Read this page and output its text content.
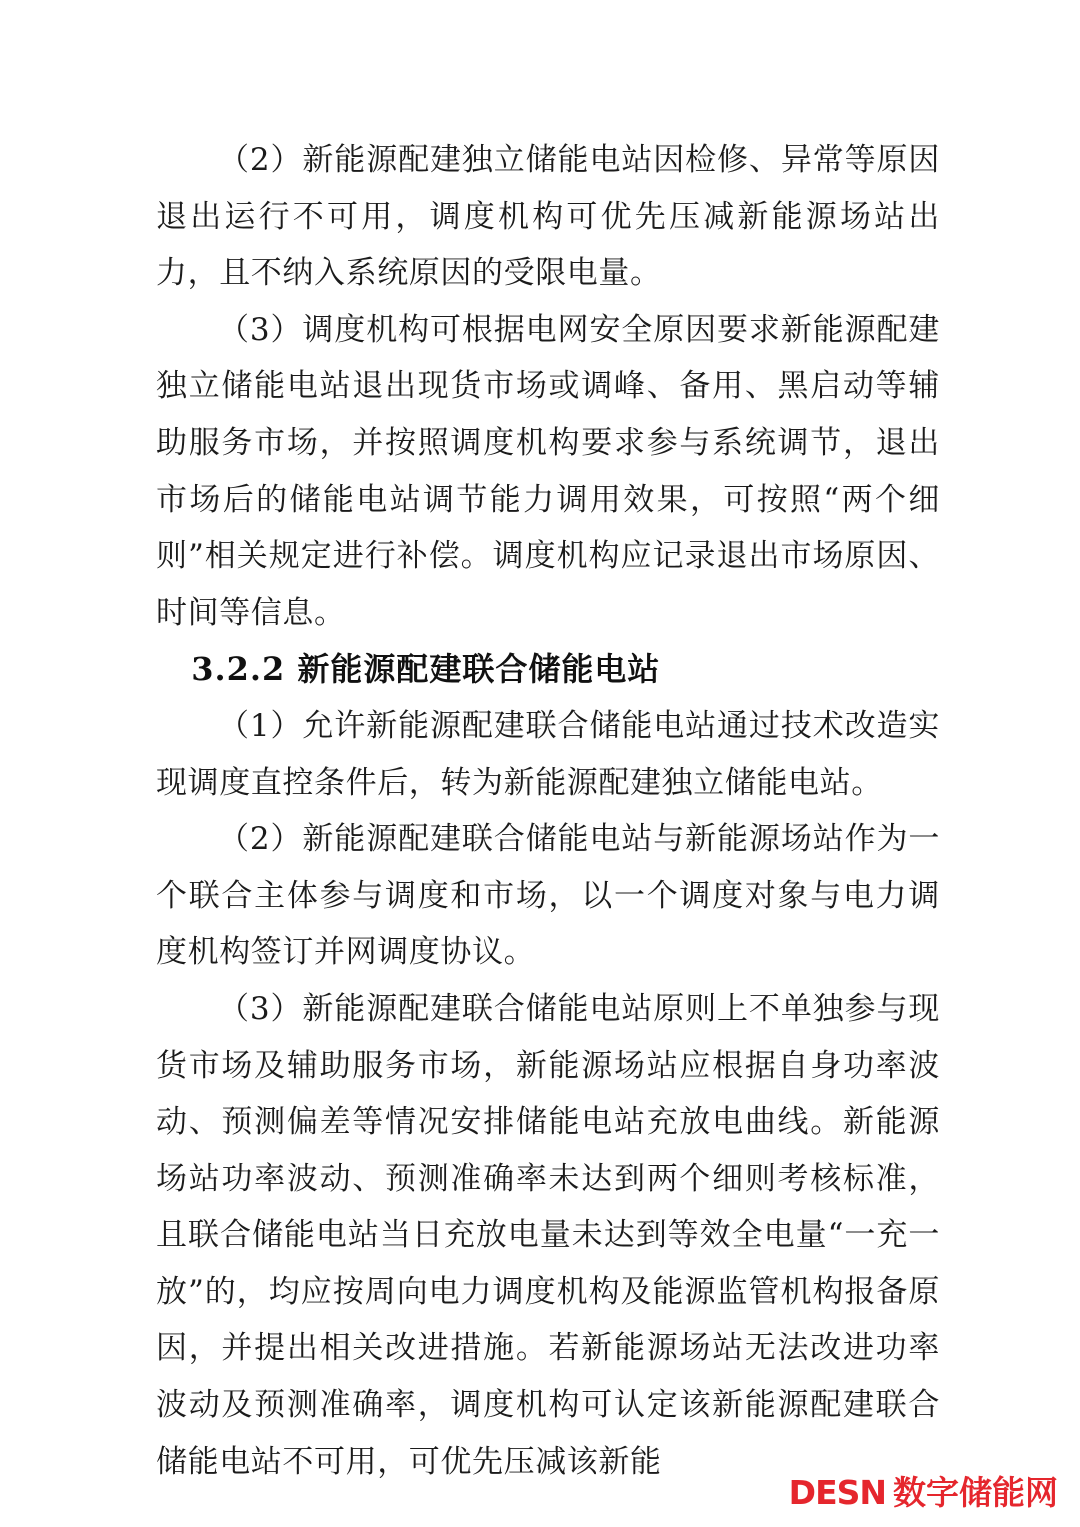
（2）新能源配建独立储能电站因检修、异常等原因退出运行不可用，调度机构可优先压减新能源场站出力，且不纳入系统原因的受限电量。

（3）调度机构可根据电网安全原因要求新能源配建独立储能电站退出现货市场或调峰、备用、黑启动等辅助服务市场，并按照调度机构要求参与系统调节，退出市场后的储能电站调节能力调用效果，可按照“两个细则”相关规定进行补偿。调度机构应记录退出市场原因、时间等信息。

3.2.2 新能源配建联合储能电站

（1）允许新能源配建联合储能电站通过技术改造实现调度直控条件后，转为新能源配建独立储能电站。

（2）新能源配建联合储能电站与新能源场站作为一个联合主体参与调度和市场，以一个调度对象与电力调度机构签订并网调度协议。

（3）新能源配建联合储能电站原则上不单独参与现货市场及辅助服务市场，新能源场站应根据自身功率波动、预测偏差等情况安排储能电站充放电曲线。新能源场站功率波动、预测准确率未达到两个细则考核标准，且联合储能电站当日充放电量未达到等效全电量“一充一放”的，均应按周向电力调度机构及能源监管机构报备原因，并提出相关改进措施。若新能源场站无法改进功率波动及预测准确率，调度机构可认定该新能源配建联合储能电站不可用，可优先压减该新能

DESN 数字储能网
